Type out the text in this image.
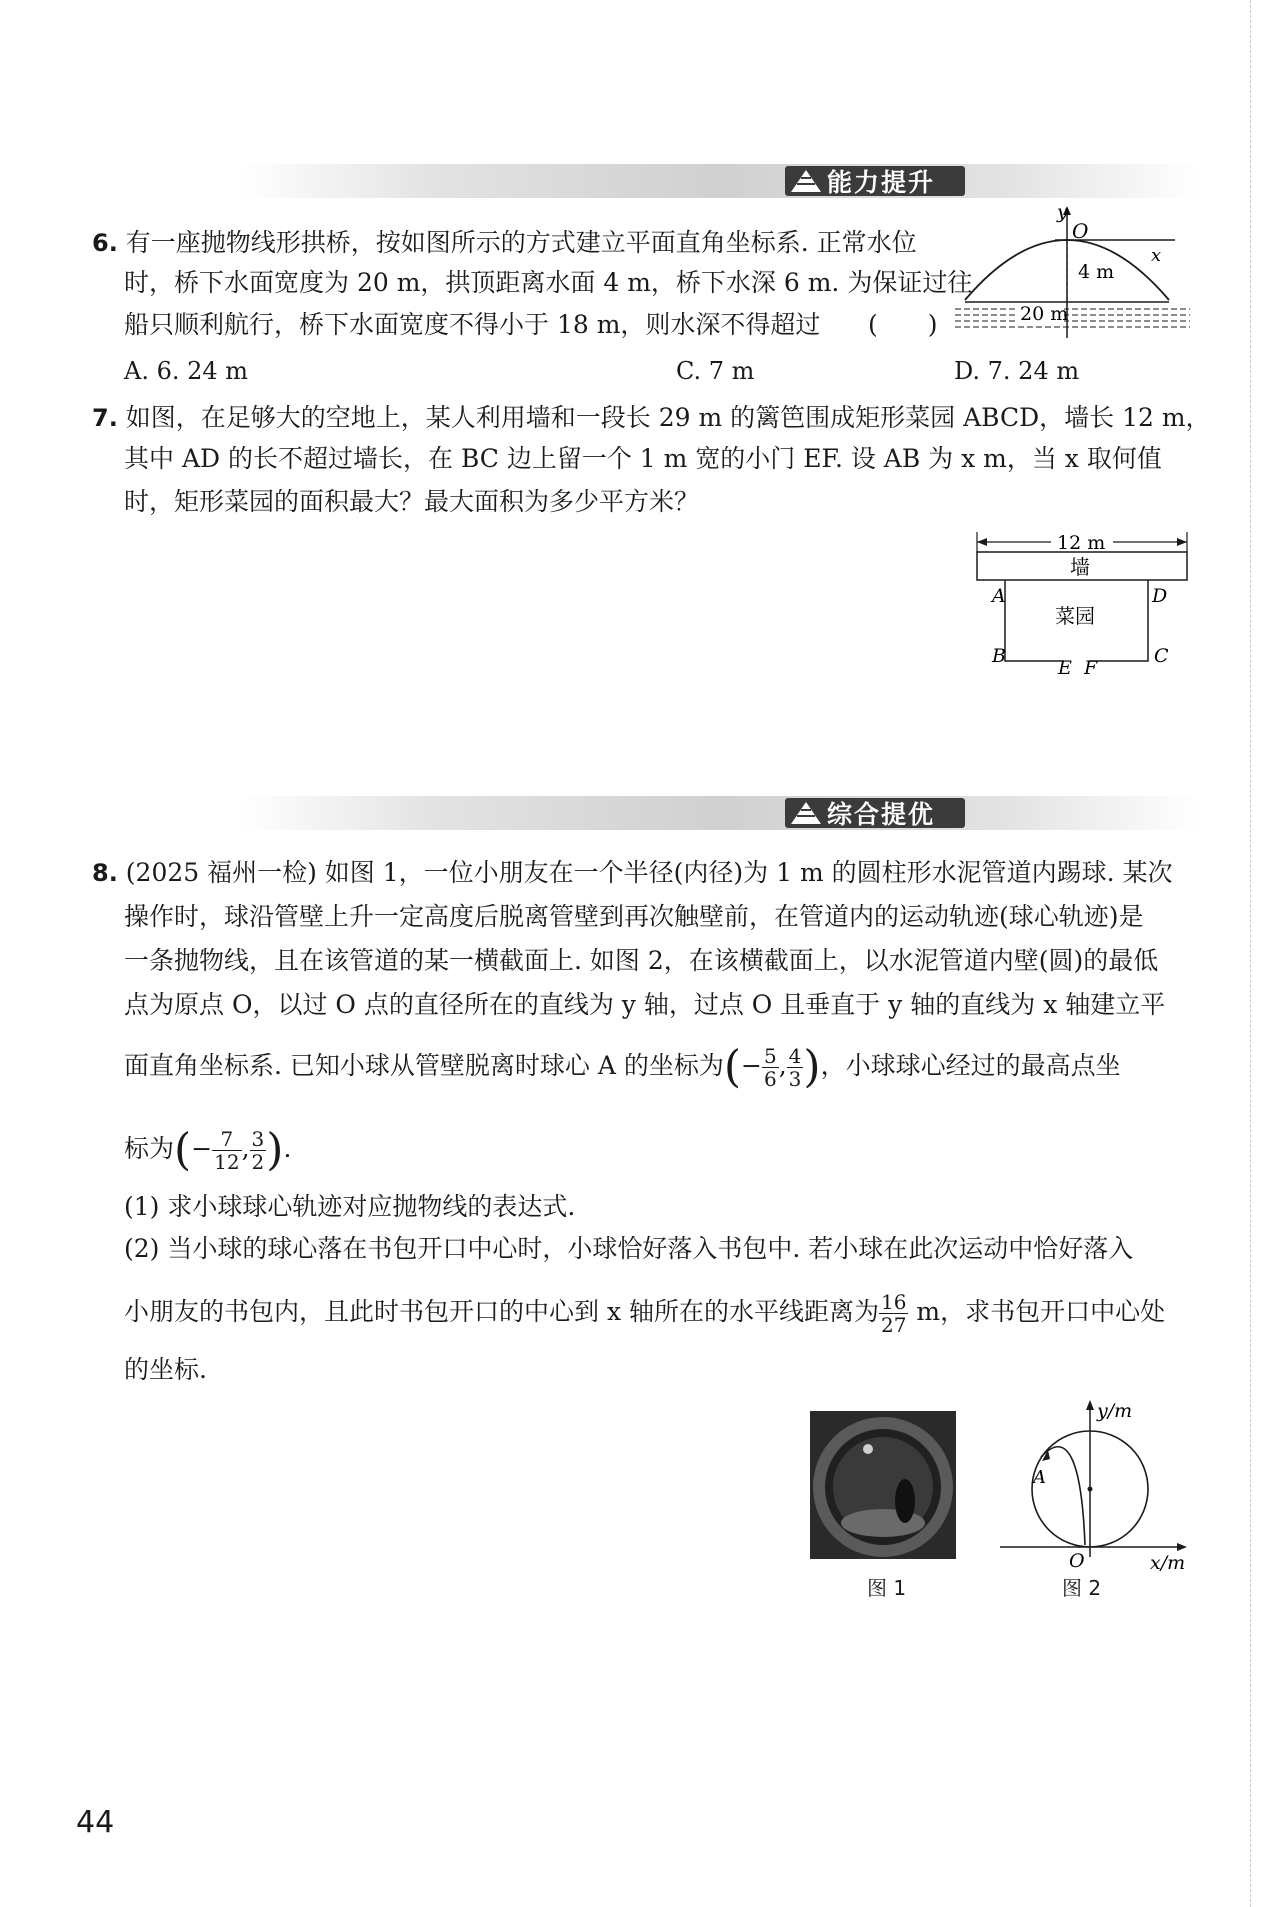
能力提升
6. 有一座抛物线形拱桥，按如图所示的方式建立平面直角坐标系. 正常水位
时，桥下水面宽度为 20 m，拱顶距离水面 4 m，桥下水深 6 m. 为保证过往
船只顺利航行，桥下水面宽度不得小于 18 m，则水深不得超过 (　　)
A. 6. 24 m	C. 7 m	D. 7. 24 m
y
O
x
4 m
20 m
7. 如图，在足够大的空地上，某人利用墙和一段长 29 m 的篱笆围成矩形菜园 ABCD，墙长 12 m，
其中 AD 的长不超过墙长，在 BC 边上留一个 1 m 宽的小门 EF. 设 AB 为 x m，当 x 取何值
时，矩形菜园的面积最大？最大面积为多少平方米？
12 m
墙
菜园
A	D
B	C
E F
综合提优
8. (2025 福州一检) 如图 1，一位小朋友在一个半径(内径)为 1 m 的圆柱形水泥管道内踢球. 某次
操作时，球沿管壁上升一定高度后脱离管壁到再次触壁前，在管道内的运动轨迹(球心轨迹)是
一条抛物线，且在该管道的某一横截面上. 如图 2，在该横截面上，以水泥管道内壁(圆)的最低
点为原点 O，以过 O 点的直径所在的直线为 y 轴，过点 O 且垂直于 y 轴的直线为 x 轴建立平
面直角坐标系. 已知小球从管壁脱离时球心 A 的坐标为(− $\frac{5}{6}$ , $\frac{4}{3}$ )，小球球心经过的最高点坐
标为(− $\frac{7}{12}$ , $\frac{3}{2}$ ).
(1) 求小球球心轨迹对应抛物线的表达式.
(2) 当小球的球心落在书包开口中心时，小球恰好落入书包中. 若小球在此次运动中恰好落入
小朋友的书包内，且此时书包开口的中心到 x 轴所在的水平线距离为 $\frac{16}{27}$ m，求书包开口中心处
的坐标.
图 1
y/m
x/m
O
A
图 2
44
